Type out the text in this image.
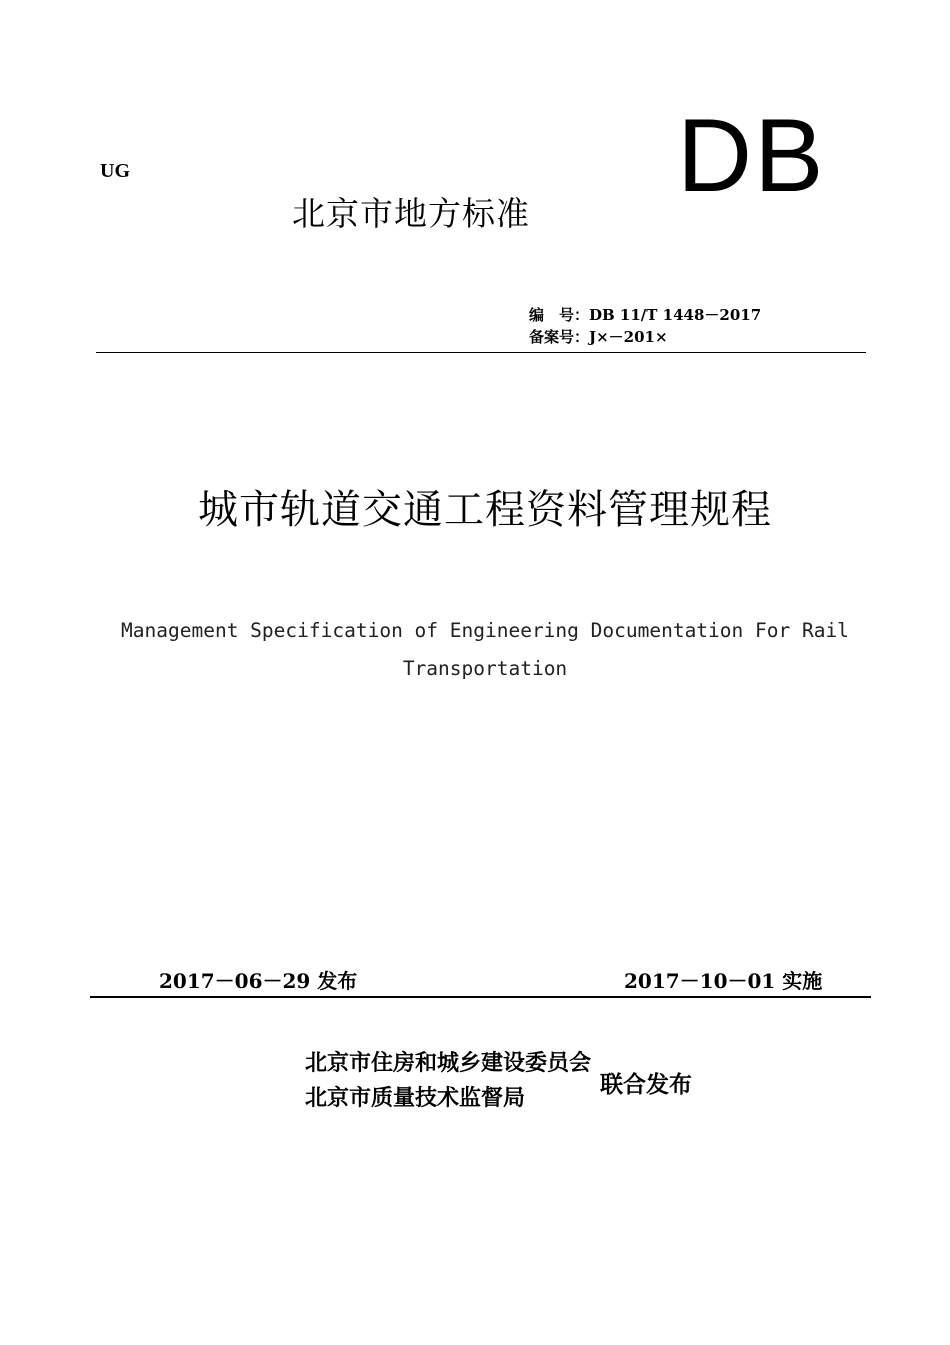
UG	DB

北京市地方标准

编　号：DB 11/T 1448－2017

备案号：J×－201×

城市轨道交通工程资料管理规程

Management Specification of Engineering Documentation For Rail Transportation

2017－06－29 发布	2017－10－01 实施

北京市住房和城乡建设委员会

北京市质量技术监督局

联合发布
